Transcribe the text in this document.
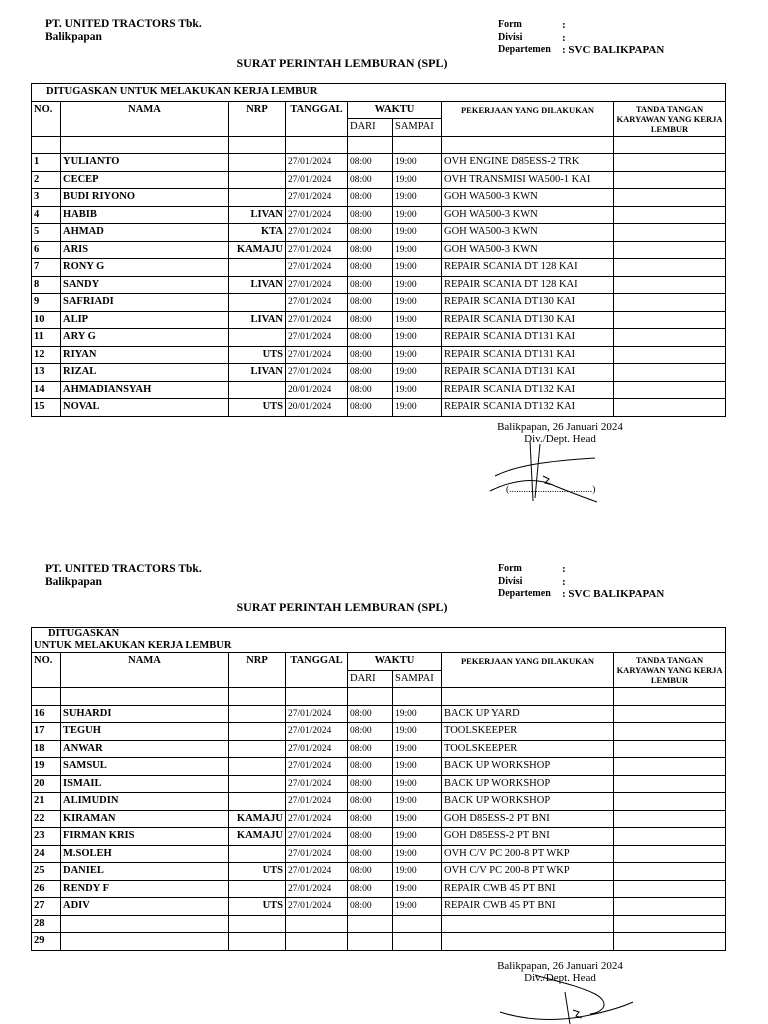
PT. UNITED TRACTORS Tbk.
Balikpapan
Form	:
Divisi	:
Departemen	: SVC BALIKPAPAN
SURAT PERINTAH LEMBURAN (SPL)
DITUGASKAN UNTUK MELAKUKAN KERJA LEMBUR							
NO.	NAMA	NRP	TANGGAL	WAKTU		PEKERJAAN YANG DILAKUKAN	TANDA TANGAN KARYAWAN YANG KERJA LEMBUR
				DARI	SAMPAI		

1	YULIANTO		27/01/2024	08:00	19:00	OVH ENGINE D85ESS-2 TRK	
2	CECEP		27/01/2024	08:00	19:00	OVH TRANSMISI WA500-1 KAI	
3	BUDI RIYONO		27/01/2024	08:00	19:00	GOH WA500-3 KWN	
4	HABIB	LIVAN	27/01/2024	08:00	19:00	GOH WA500-3 KWN	
5	AHMAD	KTA	27/01/2024	08:00	19:00	GOH WA500-3 KWN	
6	ARIS	KAMAJU	27/01/2024	08:00	19:00	GOH WA500-3 KWN	
7	RONY G		27/01/2024	08:00	19:00	REPAIR SCANIA DT 128 KAI	
8	SANDY	LIVAN	27/01/2024	08:00	19:00	REPAIR SCANIA DT 128 KAI	
9	SAFRIADI		27/01/2024	08:00	19:00	REPAIR SCANIA DT130 KAI	
10	ALIP	LIVAN	27/01/2024	08:00	19:00	REPAIR SCANIA DT130 KAI	
11	ARY G		27/01/2024	08:00	19:00	REPAIR SCANIA DT131 KAI	
12	RIYAN	UTS	27/01/2024	08:00	19:00	REPAIR SCANIA DT131 KAI	
13	RIZAL	LIVAN	27/01/2024	08:00	19:00	REPAIR SCANIA DT131 KAI	
14	AHMADIANSYAH		20/01/2024	08:00	19:00	REPAIR SCANIA DT132 KAI	
15	NOVAL	UTS	20/01/2024	08:00	19:00	REPAIR SCANIA DT132 KAI	
Balikpapan, 26 Januari 2024
Div./Dept. Head
(...................................)
PT. UNITED TRACTORS Tbk.
Balikpapan
Form	:
Divisi	:
Departemen	: SVC BALIKPAPAN
SURAT PERINTAH LEMBURAN (SPL)
DITUGASKAN
UNTUK MELAKUKAN KERJA LEMBUR							

NO.	NAMA	NRP	TANGGAL	WAKTU		PEKERJAAN YANG DILAKUKAN	TANDA TANGAN KARYAWAN YANG KERJA LEMBUR
				DARI	SAMPAI		

16	SUHARDI		27/01/2024	08:00	19:00	BACK UP YARD	
17	TEGUH		27/01/2024	08:00	19:00	TOOLSKEEPER	
18	ANWAR		27/01/2024	08:00	19:00	TOOLSKEEPER	
19	SAMSUL		27/01/2024	08:00	19:00	BACK UP WORKSHOP	
20	ISMAIL		27/01/2024	08:00	19:00	BACK UP WORKSHOP	
21	ALIMUDIN		27/01/2024	08:00	19:00	BACK UP WORKSHOP	
22	KIRAMAN	KAMAJU	27/01/2024	08:00	19:00	GOH D85ESS-2 PT BNI	
23	FIRMAN KRIS	KAMAJU	27/01/2024	08:00	19:00	GOH D85ESS-2 PT BNI	
24	M.SOLEH		27/01/2024	08:00	19:00	OVH C/V PC 200-8 PT WKP	
25	DANIEL	UTS	27/01/2024	08:00	19:00	OVH C/V PC 200-8 PT WKP	
26	RENDY F		27/01/2024	08:00	19:00	REPAIR CWB 45 PT BNI	
27	ADIV	UTS	27/01/2024	08:00	19:00	REPAIR CWB 45 PT BNI	
28							
29							
Balikpapan, 26 Januari 2024
Div./Dept. Head
